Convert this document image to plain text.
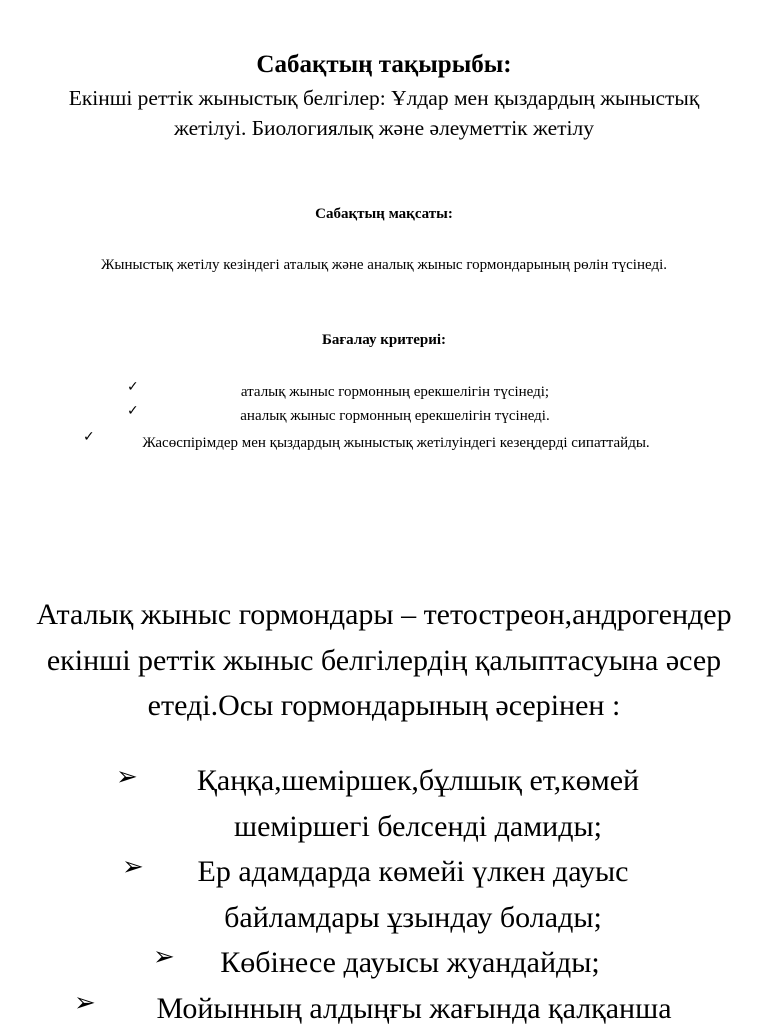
Сабақтың тақырыбы:
Екінші реттік жыныстық белгілер: Ұлдар мен қыздардың жыныстық жетілуі. Биологиялық және әлеуметтік жетілу
Сабақтың мақсаты:
Жыныстық жетілу кезіндегі аталық және аналық жыныс гормондарының рөлін түсінеді.
Бағалау критериі:
✓	аталық жыныс гормонның ерекшелігін түсінеді;
✓	аналық жыныс гормонның ерекшелігін түсінеді.
✓	Жасөспірімдер мен қыздардың жыныстық жетілуіндегі кезеңдерді сипаттайды.
Аталық жыныс гормондары – тетостреон,андрогендер екінші реттік жыныс белгілердің қалыптасуына әсер етеді.Осы гормондарының әсерінен :
➢	Қаңқа,шеміршек,бұлшық ет,көмей шеміршегі белсенді дамиды;
➢	Ер адамдарда көмейі үлкен дауыс байламдары ұзындау болады;
➢	Көбінесе дауысы жуандайды;
➢	Мойынның алдыңғы жағында қалқанша
